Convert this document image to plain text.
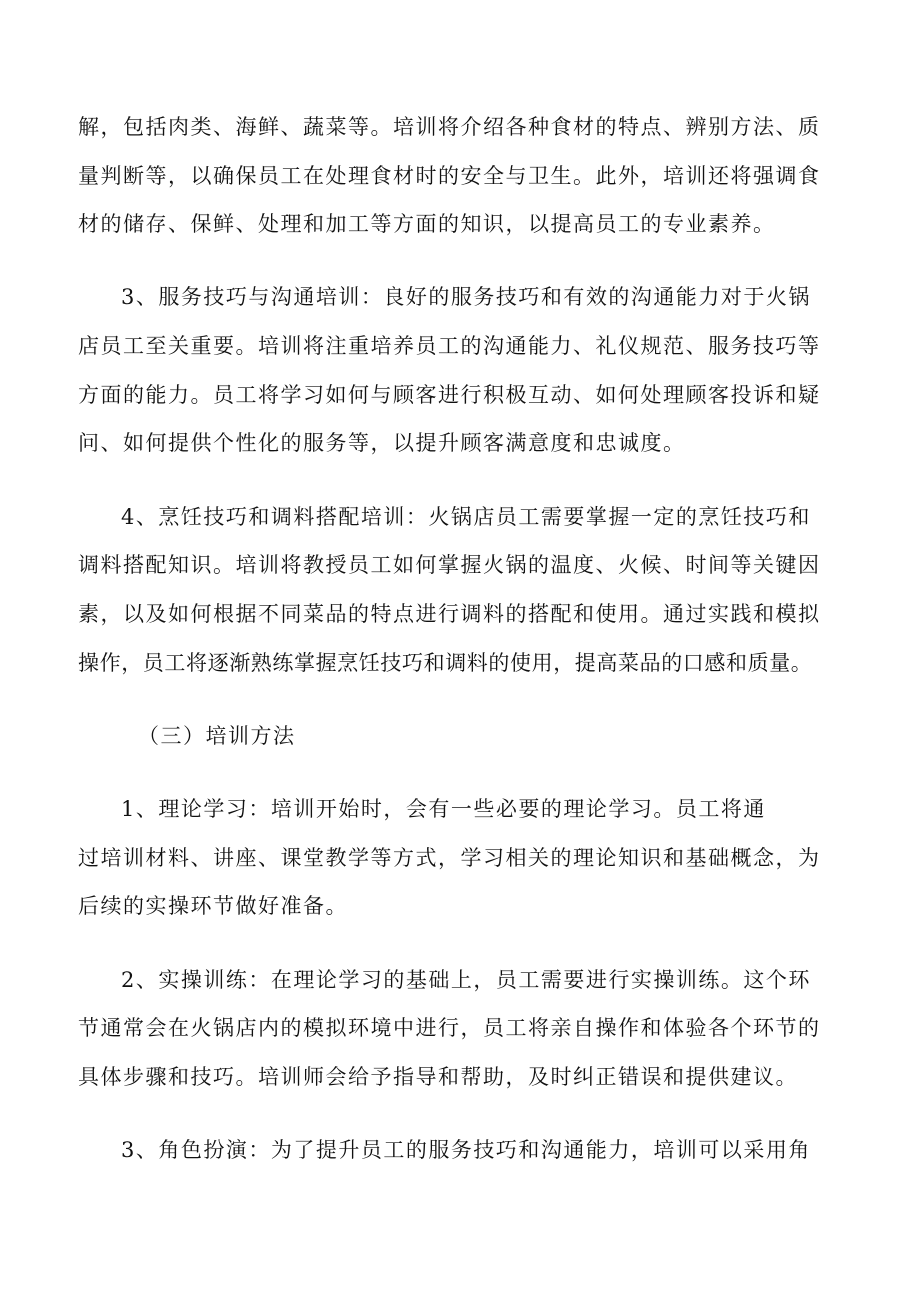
解，包括肉类、海鲜、蔬菜等。培训将介绍各种食材的特点、辨别方法、质
量判断等，以确保员工在处理食材时的安全与卫生。此外，培训还将强调食
材的储存、保鲜、处理和加工等方面的知识，以提高员工的专业素养。
3、服务技巧与沟通培训：良好的服务技巧和有效的沟通能力对于火锅
店员工至关重要。培训将注重培养员工的沟通能力、礼仪规范、服务技巧等
方面的能力。员工将学习如何与顾客进行积极互动、如何处理顾客投诉和疑
问、如何提供个性化的服务等，以提升顾客满意度和忠诚度。
4、烹饪技巧和调料搭配培训：火锅店员工需要掌握一定的烹饪技巧和
调料搭配知识。培训将教授员工如何掌握火锅的温度、火候、时间等关键因
素，以及如何根据不同菜品的特点进行调料的搭配和使用。通过实践和模拟
操作，员工将逐渐熟练掌握烹饪技巧和调料的使用，提高菜品的口感和质量。
（三）培训方法
1、理论学习：培训开始时，会有一些必要的理论学习。员工将通
过培训材料、讲座、课堂教学等方式，学习相关的理论知识和基础概念，为
后续的实操环节做好准备。
2、实操训练：在理论学习的基础上，员工需要进行实操训练。这个环
节通常会在火锅店内的模拟环境中进行，员工将亲自操作和体验各个环节的
具体步骤和技巧。培训师会给予指导和帮助，及时纠正错误和提供建议。
3、角色扮演：为了提升员工的服务技巧和沟通能力，培训可以采用角
